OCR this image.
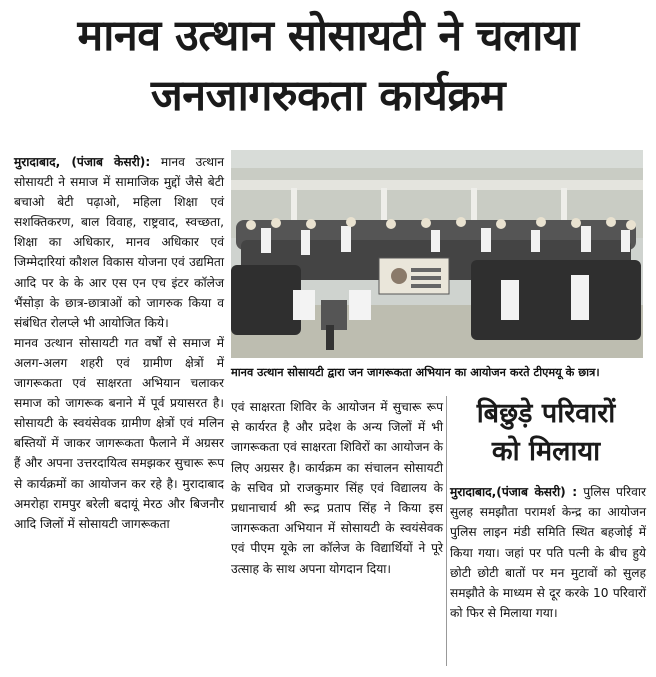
मानव उत्थान सोसायटी ने चलाया
जनजागरुकता कार्यक्रम

मुरादाबाद, (पंजाब केसरी): मानव उत्थान सोसायटी ने समाज में सामाजिक मुद्दों जैसे बेटी बचाओ बेटी पढ़ाओ, महिला शिक्षा एवं सशक्तिकरण, बाल विवाह, राष्ट्रवाद, स्वच्छता, शिक्षा का अधिकार, मानव अधिकार एवं जिम्मेदारियां कौशल विकास योजना एवं उद्यमिता आदि पर के के आर एस एन एच इंटर कॉलेज भैंसोड़ा के छात्र-छात्राओं को जागरुक किया व संबंधित रोलप्ले भी आयोजित किये।

मानव उत्थान सोसायटी गत वर्षों से समाज में अलग-अलग शहरी एवं ग्रामीण क्षेत्रों में जागरूकता एवं साक्षरता अभियान चलाकर समाज को जागरूक बनाने में पूर्व प्रयासरत है। सोसायटी के स्वयंसेवक ग्रामीण क्षेत्रों एवं मलिन बस्तियों में जाकर जागरूकता फैलाने में अग्रसर हैं और अपना उत्तरदायित्व समझकर सुचारू रूप से कार्यक्रमों का आयोजन कर रहे है। मुरादाबाद अमरोहा रामपुर बरेली बदायूं मेरठ और बिजनौर आदि जिलों में सोसायटी जागरूकता

मानव उत्थान सोसायटी द्वारा जन जागरूकता अभियान का आयोजन करते टीएमयू के छात्र।

एवं साक्षरता शिविर के आयोजन में सुचारू रूप से कार्यरत है और प्रदेश के अन्य जिलों में भी जागरूकता एवं साक्षरता शिविरों का आयोजन के लिए अग्रसर है। कार्यक्रम का संचालन सोसायटी के सचिव प्रो राजकुमार सिंह एवं विद्यालय के प्रधानाचार्य श्री रूद्र प्रताप सिंह ने किया इस जागरूकता अभियान में सोसायटी के स्वयंसेवक एवं पीएम यूके ला कॉलेज के विद्यार्थियों ने पूरे उत्साह के साथ अपना योगदान दिया।

बिछुड़े परिवारों
को मिलाया

मुरादाबाद,(पंजाब केसरी) : पुलिस परिवार सुलह समझौता परामर्श केन्द्र का आयोजन पुलिस लाइन मंडी समिति स्थित बहजोई में किया गया। जहां पर पति पत्नी के बीच हुये छोटी छोटी बातों पर मन मुटावों को सुलह समझौते के माध्यम से दूर करके 10 परिवारों को फिर से मिलाया गया।
